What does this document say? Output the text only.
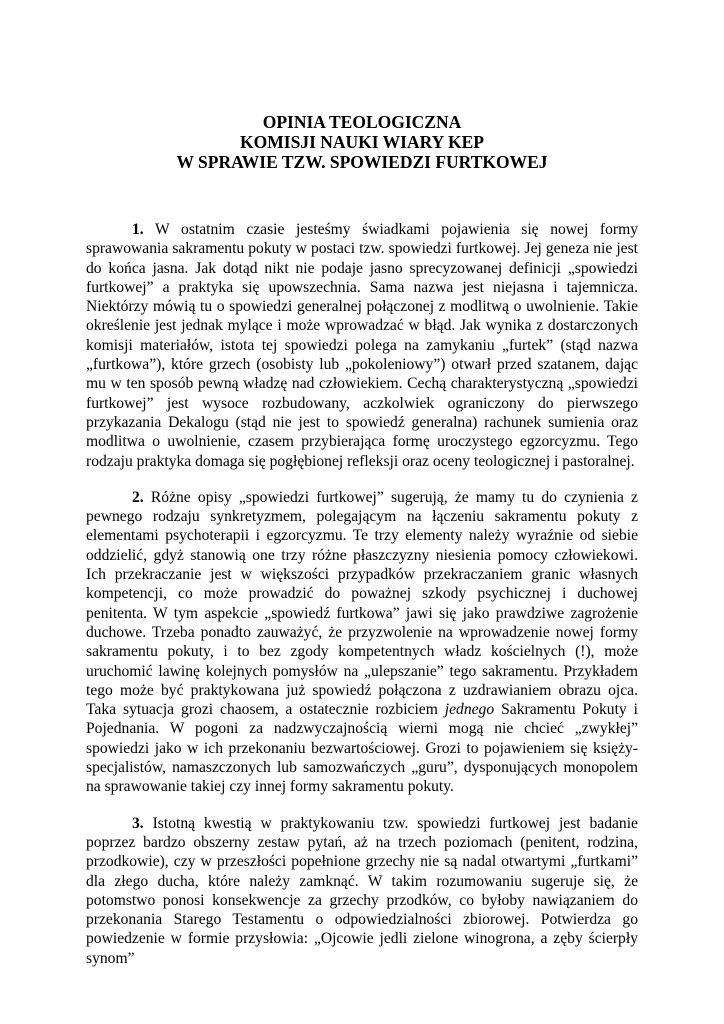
OPINIA TEOLOGICZNA
KOMISJI NAUKI WIARY KEP
W SPRAWIE TZW. SPOWIEDZI FURTKOWEJ

1. W ostatnim czasie jesteśmy świadkami pojawienia się nowej formy sprawowania sakramentu pokuty w postaci tzw. spowiedzi furtkowej. Jej geneza nie jest do końca jasna. Jak dotąd nikt nie podaje jasno sprecyzowanej definicji „spowiedzi furtkowej” a praktyka się upowszechnia. Sama nazwa jest niejasna i tajemnicza. Niektórzy mówią tu o spowiedzi generalnej połączonej z modlitwą o uwolnienie. Takie określenie jest jednak mylące i może wprowadzać w błąd. Jak wynika z dostarczonych komisji materiałów, istota tej spowiedzi polega na zamykaniu „furtek” (stąd nazwa „furtkowa”), które grzech (osobisty lub „pokoleniowy”) otwarł przed szatanem, dając mu w ten sposób pewną władzę nad człowiekiem. Cechą charakterystyczną „spowiedzi furtkowej” jest wysoce rozbudowany, aczkolwiek ograniczony do pierwszego przykazania Dekalogu (stąd nie jest to spowiedź generalna) rachunek sumienia oraz modlitwa o uwolnienie, czasem przybierająca formę uroczystego egzorcyzmu. Tego rodzaju praktyka domaga się pogłębionej refleksji oraz oceny teologicznej i pastoralnej.

2. Różne opisy „spowiedzi furtkowej” sugerują, że mamy tu do czynienia z pewnego rodzaju synkretyzmem, polegającym na łączeniu sakramentu pokuty z elementami psychoterapii i egzorcyzmu. Te trzy elementy należy wyraźnie od siebie oddzielić, gdyż stanowią one trzy różne płaszczyzny niesienia pomocy człowiekowi. Ich przekraczanie jest w większości przypadków przekraczaniem granic własnych kompetencji, co może prowadzić do poważnej szkody psychicznej i duchowej penitenta. W tym aspekcie „spowiedź furtkowa” jawi się jako prawdziwe zagrożenie duchowe. Trzeba ponadto zauważyć, że przyzwolenie na wprowadzenie nowej formy sakramentu pokuty, i to bez zgody kompetentnych władz kościelnych (!), może uruchomić lawinę kolejnych pomysłów na „ulepszanie” tego sakramentu. Przykładem tego może być praktykowana już spowiedź połączona z uzdrawianiem obrazu ojca. Taka sytuacja grozi chaosem, a ostatecznie rozbiciem jednego Sakramentu Pokuty i Pojednania. W pogoni za nadzwyczajnością wierni mogą nie chcieć „zwykłej” spowiedzi jako w ich przekonaniu bezwartościowej. Grozi to pojawieniem się księży-specjalistów, namaszczonych lub samozwańczych „guru”, dysponujących monopolem na sprawowanie takiej czy innej formy sakramentu pokuty.

3. Istotną kwestią w praktykowaniu tzw. spowiedzi furtkowej jest badanie poprzez bardzo obszerny zestaw pytań, aż na trzech poziomach (penitent, rodzina, przodkowie), czy w przeszłości popełnione grzechy nie są nadal otwartymi „furtkami” dla złego ducha, które należy zamknąć. W takim rozumowaniu sugeruje się, że potomstwo ponosi konsekwencje za grzechy przodków, co byłoby nawiązaniem do przekonania Starego Testamentu o odpowiedzialności zbiorowej. Potwierdza go powiedzenie w formie przysłowia: „Ojcowie jedli zielone winogrona, a zęby ścierpły synom”
